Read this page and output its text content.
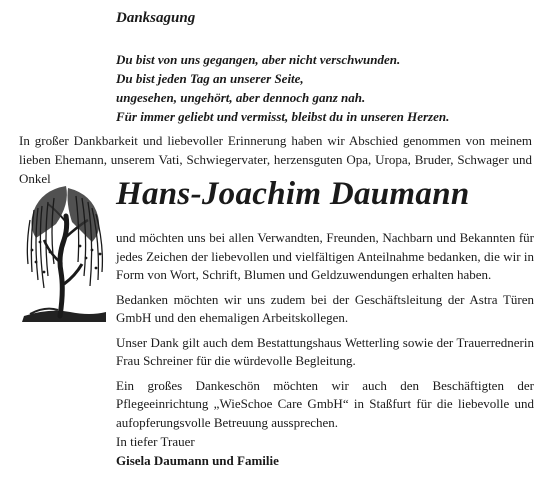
Danksagung
Du bist von uns gegangen, aber nicht verschwunden.
Du bist jeden Tag an unserer Seite,
ungesehen, ungehört, aber dennoch ganz nah.
Für immer geliebt und vermisst, bleibst du in unseren Herzen.
In großer Dankbarkeit und liebevoller Erinnerung haben wir Abschied genommen von meinem lieben Ehemann, unserem Vati, Schwiegervater, herzensguten Opa, Uropa, Bruder, Schwager und Onkel	Hans-Joachim Daumann

und möchten uns bei allen Verwandten, Freunden, Nachbarn und Bekannten für jedes Zeichen der liebevollen und vielfältigen Anteilnahme bedanken, die wir in Form von Wort, Schrift, Blumen und Geldzuwendungen erhalten haben.

Bedanken möchten wir uns zudem bei der Geschäftsleitung der Astra Türen GmbH und den ehemaligen Arbeitskollegen.

Unser Dank gilt auch dem Bestattungshaus Wetterling sowie der Trauerrednerin Frau Schreiner für die würdevolle Begleitung.

Ein großes Dankeschön möchten wir auch den Beschäftigten der Pflegeeinrichtung „WieSchoe Care GmbH“ in Staßfurt für die liebevolle und aufopferungsvolle Betreuung aussprechen.

In tiefer Trauer
Gisela Daumann und Familie
